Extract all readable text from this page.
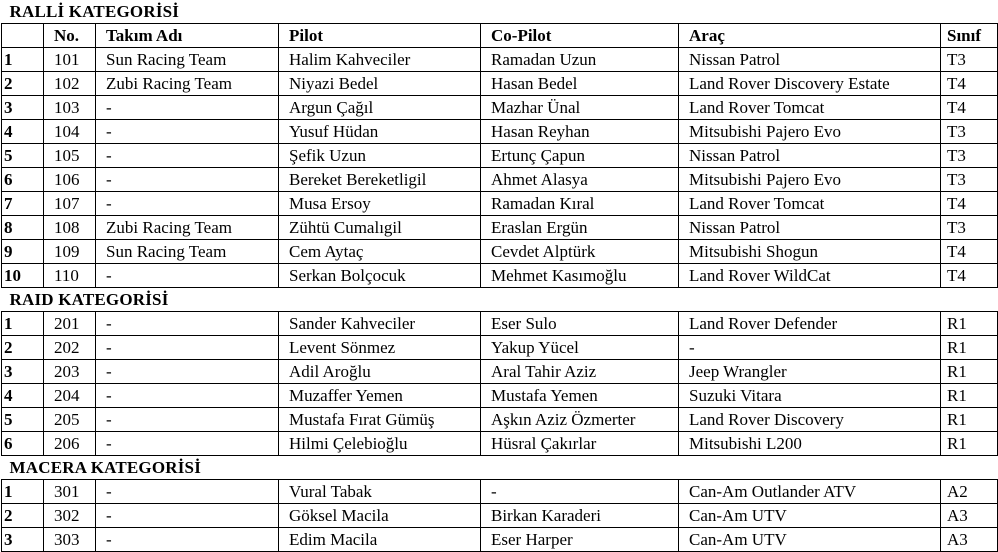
RALLİ KATEGORİSİ						
	No.	Takım Adı	Pilot	Co-Pilot	Araç	Sınıf
1	101	Sun Racing Team	Halim Kahveciler	Ramadan Uzun	Nissan Patrol	T3
2	102	Zubi Racing Team	Niyazi Bedel	Hasan Bedel	Land Rover Discovery Estate	T4
3	103	-	Argun Çağıl	Mazhar Ünal	Land Rover Tomcat	T4
4	104	-	Yusuf Hüdan	Hasan Reyhan	Mitsubishi Pajero Evo	T3
5	105	-	Şefik Uzun	Ertunç Çapun	Nissan Patrol	T3
6	106	-	Bereket Bereketligil	Ahmet Alasya	Mitsubishi Pajero Evo	T3
7	107	-	Musa Ersoy	Ramadan Kıral	Land Rover Tomcat	T4
8	108	Zubi Racing Team	Zühtü Cumalıgil	Eraslan Ergün	Nissan Patrol	T3
9	109	Sun Racing Team	Cem Aytaç	Cevdet Alptürk	Mitsubishi Shogun	T4
10	110	-	Serkan Bolçocuk	Mehmet Kasımoğlu	Land Rover WildCat	T4
RAID KATEGORİSİ						
1	201	-	Sander Kahveciler	Eser Sulo	Land Rover Defender	R1
2	202	-	Levent Sönmez	Yakup Yücel	-	R1
3	203	-	Adil Aroğlu	Aral Tahir Aziz	Jeep Wrangler	R1
4	204	-	Muzaffer Yemen	Mustafa Yemen	Suzuki Vitara	R1
5	205	-	Mustafa Fırat Gümüş	Aşkın Aziz Özmerter	Land Rover Discovery	R1
6	206	-	Hilmi Çelebioğlu	Hüsral Çakırlar	Mitsubishi L200	R1
MACERA KATEGORİSİ						
1	301	-	Vural Tabak	-	Can-Am Outlander ATV	A2
2	302	-	Göksel Macila	Birkan Karaderi	Can-Am UTV	A3
3	303	-	Edim Macila	Eser Harper	Can-Am UTV	A3
